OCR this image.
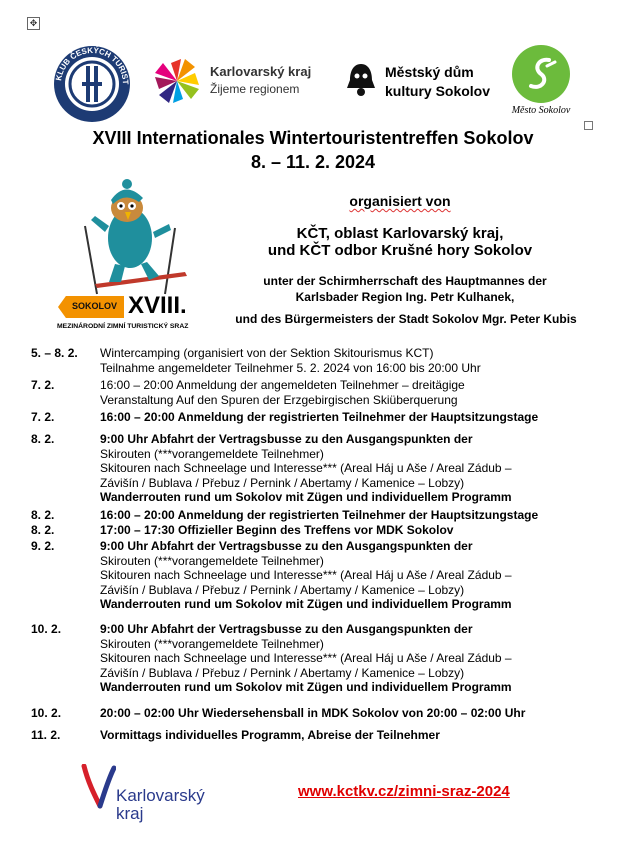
✥
KLUB ČESKÝCH TURIST
Karlovarský kraj
Žijeme regionem
Městský dům
kultury Sokolov
Město Sokolov
XVIII Internationales Wintertouristentreffen Sokolov
8. – 11. 2. 2024
SOKOLOV XVIII.
MEZINÁRODNÍ ZIMNÍ TURISTICKÝ SRAZ
organisiert von
KČT, oblast Karlovarský kraj,
und KČT odbor Krušné hory Sokolov
unter der Schirmherrschaft des Hauptmannes der
Karlsbader Region Ing. Petr Kulhanek,
und des Bürgermeisters der Stadt Sokolov Mgr. Peter Kubis
5. – 8. 2. Wintercamping (organisiert von der Sektion Skitourismus KCT)
Teilnahme angemeldeter Teilnehmer 5. 2. 2024 von 16:00 bis 20:00 Uhr
7. 2.	16:00 – 20:00 Anmeldung der angemeldeten Teilnehmer – dreitägige
Veranstaltung Auf den Spuren der Erzgebirgischen Skiüberquerung
7. 2.	16:00 – 20:00 Anmeldung der registrierten Teilnehmer der Hauptsitzungstage
8. 2.	9:00 Uhr Abfahrt der Vertragsbusse zu den Ausgangspunkten der
Skirouten (***vorangemeldete Teilnehmer)
Skitouren nach Schneelage und Interesse*** (Areal Háj u Aše / Areal Zádub –
Závišín / Bublava / Přebuz / Pernink / Abertamy / Kamenice – Lobzy)
Wanderrouten rund um Sokolov mit Zügen und individuellem Programm
8. 2.	16:00 – 20:00 Anmeldung der registrierten Teilnehmer der Hauptsitzungstage
8. 2.	17:00 – 17:30 Offizieller Beginn des Treffens vor MDK Sokolov
9. 2.	9:00 Uhr Abfahrt der Vertragsbusse zu den Ausgangspunkten der
Skirouten (***vorangemeldete Teilnehmer)
Skitouren nach Schneelage und Interesse*** (Areal Háj u Aše / Areal Zádub –
Závišín / Bublava / Přebuz / Pernink / Abertamy / Kamenice – Lobzy)
Wanderrouten rund um Sokolov mit Zügen und individuellem Programm
10. 2.	9:00 Uhr Abfahrt der Vertragsbusse zu den Ausgangspunkten der
Skirouten (***vorangemeldete Teilnehmer)
Skitouren nach Schneelage und Interesse*** (Areal Háj u Aše / Areal Zádub –
Závišín / Bublava / Přebuz / Pernink / Abertamy / Kamenice – Lobzy)
Wanderrouten rund um Sokolov mit Zügen und individuellem Programm
10. 2.	20:00 – 02:00 Uhr Wiedersehensball in MDK Sokolov von 20:00 – 02:00 Uhr
11. 2.	Vormittags individuelles Programm, Abreise der Teilnehmer
Karlovarský
kraj
www.kctkv.cz/zimni-sraz-2024
